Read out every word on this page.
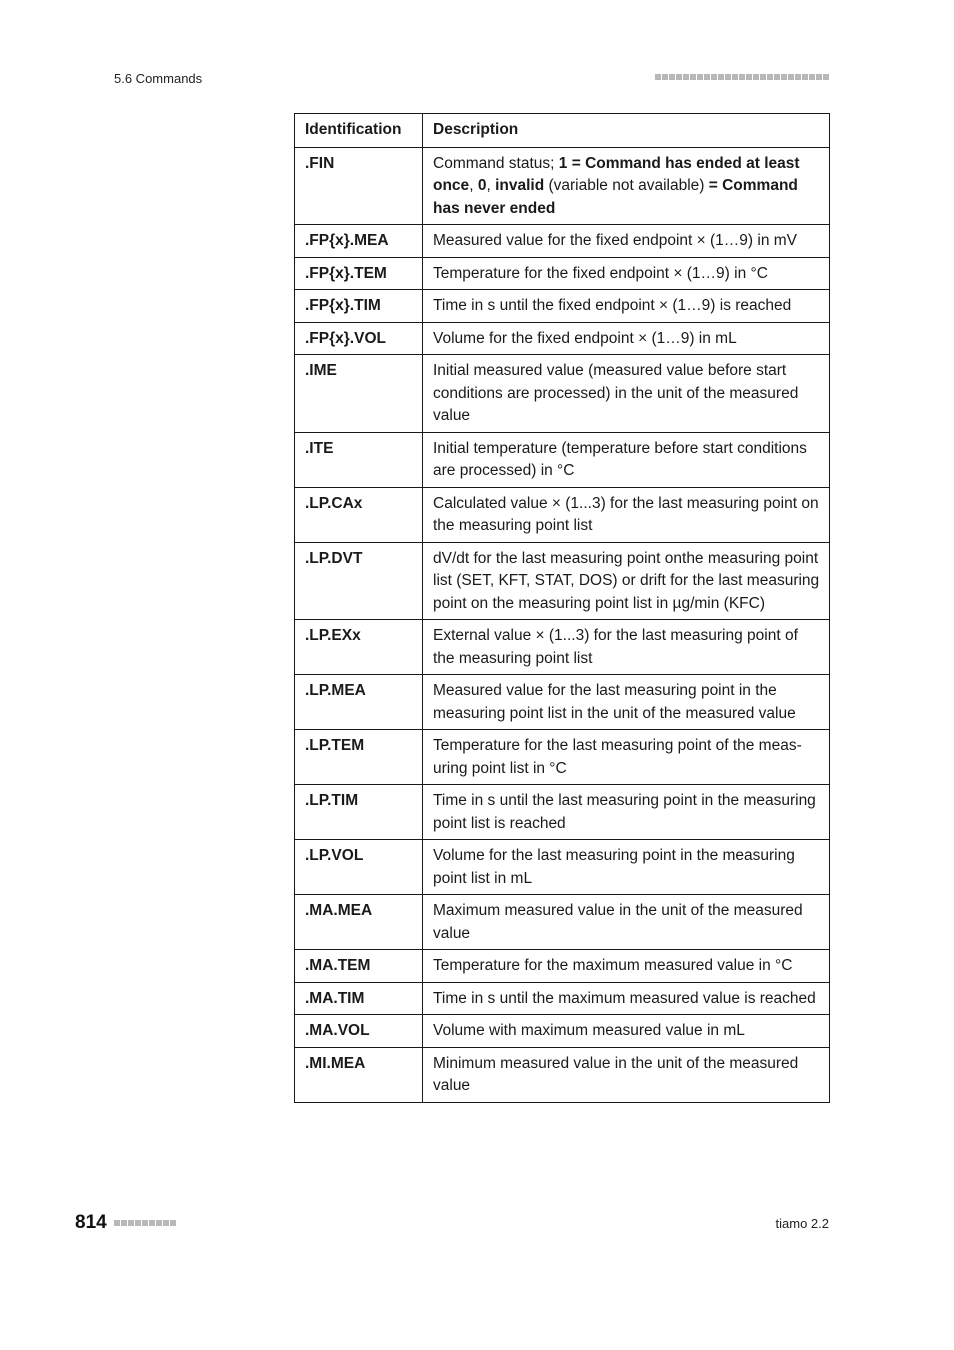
5.6 Commands
Identification	Description
.FIN	Command status; 1 = Command has ended at least once, 0, invalid (variable not available) = Command has never ended
.FP{x}.MEA	Measured value for the fixed endpoint × (1…9) in mV
.FP{x}.TEM	Temperature for the fixed endpoint × (1…9) in °C
.FP{x}.TIM	Time in s until the fixed endpoint × (1…9) is reached
.FP{x}.VOL	Volume for the fixed endpoint × (1…9) in mL
.IME	Initial measured value (measured value before start conditions are processed) in the unit of the measured value
.ITE	Initial temperature (temperature before start conditions are processed) in °C
.LP.CAx	Calculated value × (1...3) for the last measuring point on the measuring point list
.LP.DVT	dV/dt for the last measuring point onthe measuring point list (SET, KFT, STAT, DOS) or drift for the last measuring point on the measuring point list in µg/min (KFC)
.LP.EXx	External value × (1...3) for the last measuring point of the measuring point list
.LP.MEA	Measured value for the last measuring point in the measuring point list in the unit of the measured value
.LP.TEM	Temperature for the last measuring point of the meas-uring point list in °C
.LP.TIM	Time in s until the last measuring point in the measuring point list is reached
.LP.VOL	Volume for the last measuring point in the measuring point list in mL
.MA.MEA	Maximum measured value in the unit of the measured value
.MA.TEM	Temperature for the maximum measured value in °C
.MA.TIM	Time in s until the maximum measured value is reached
.MA.VOL	Volume with maximum measured value in mL
.MI.MEA	Minimum measured value in the unit of the measured value
814	tiamo 2.2
